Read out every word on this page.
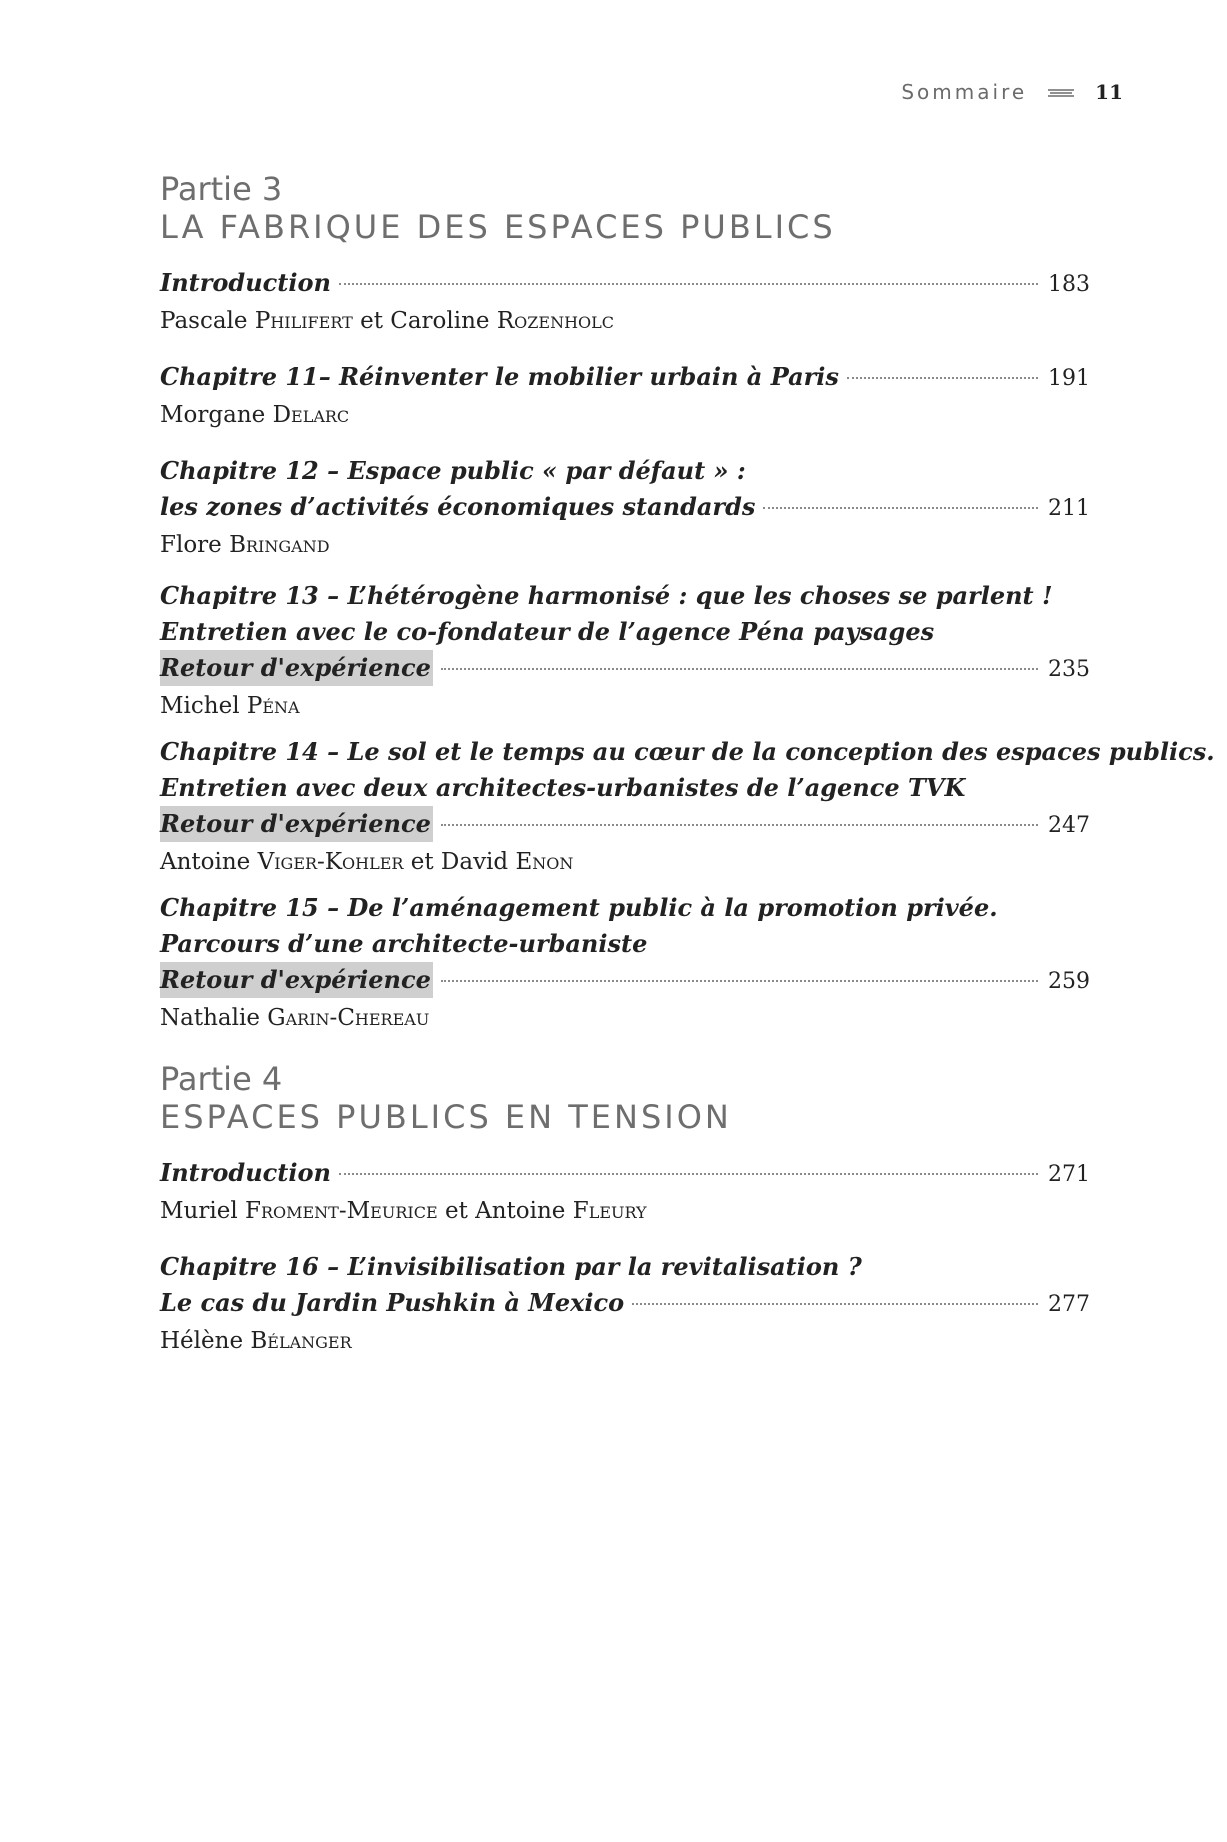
Sommaire	11
Partie 3
LA FABRIQUE DES ESPACES PUBLICS
Introduction	183
Pascale Philifert et Caroline Rozenholc
Chapitre 11– Réinventer le mobilier urbain à Paris	191
Morgane Delarc
Chapitre 12 – Espace public « par défaut » :
les zones d’activités économiques standards	211
Flore Bringand
Chapitre 13 – L’hétérogène harmonisé : que les choses se parlent !
Entretien avec le co-fondateur de l’agence Péna paysages
Retour d'expérience	235
Michel Péna
Chapitre 14 – Le sol et le temps au cœur de la conception des espaces publics.
Entretien avec deux architectes-urbanistes de l’agence TVK
Retour d'expérience	247
Antoine Viger-Kohler et David Enon
Chapitre 15 – De l’aménagement public à la promotion privée.
Parcours d’une architecte-urbaniste
Retour d'expérience	259
Nathalie Garin-Chereau
Partie 4
ESPACES PUBLICS EN TENSION
Introduction	271
Muriel Froment-Meurice et Antoine Fleury
Chapitre 16 – L’invisibilisation par la revitalisation ?
Le cas du Jardin Pushkin à Mexico	277
Hélène Bélanger
